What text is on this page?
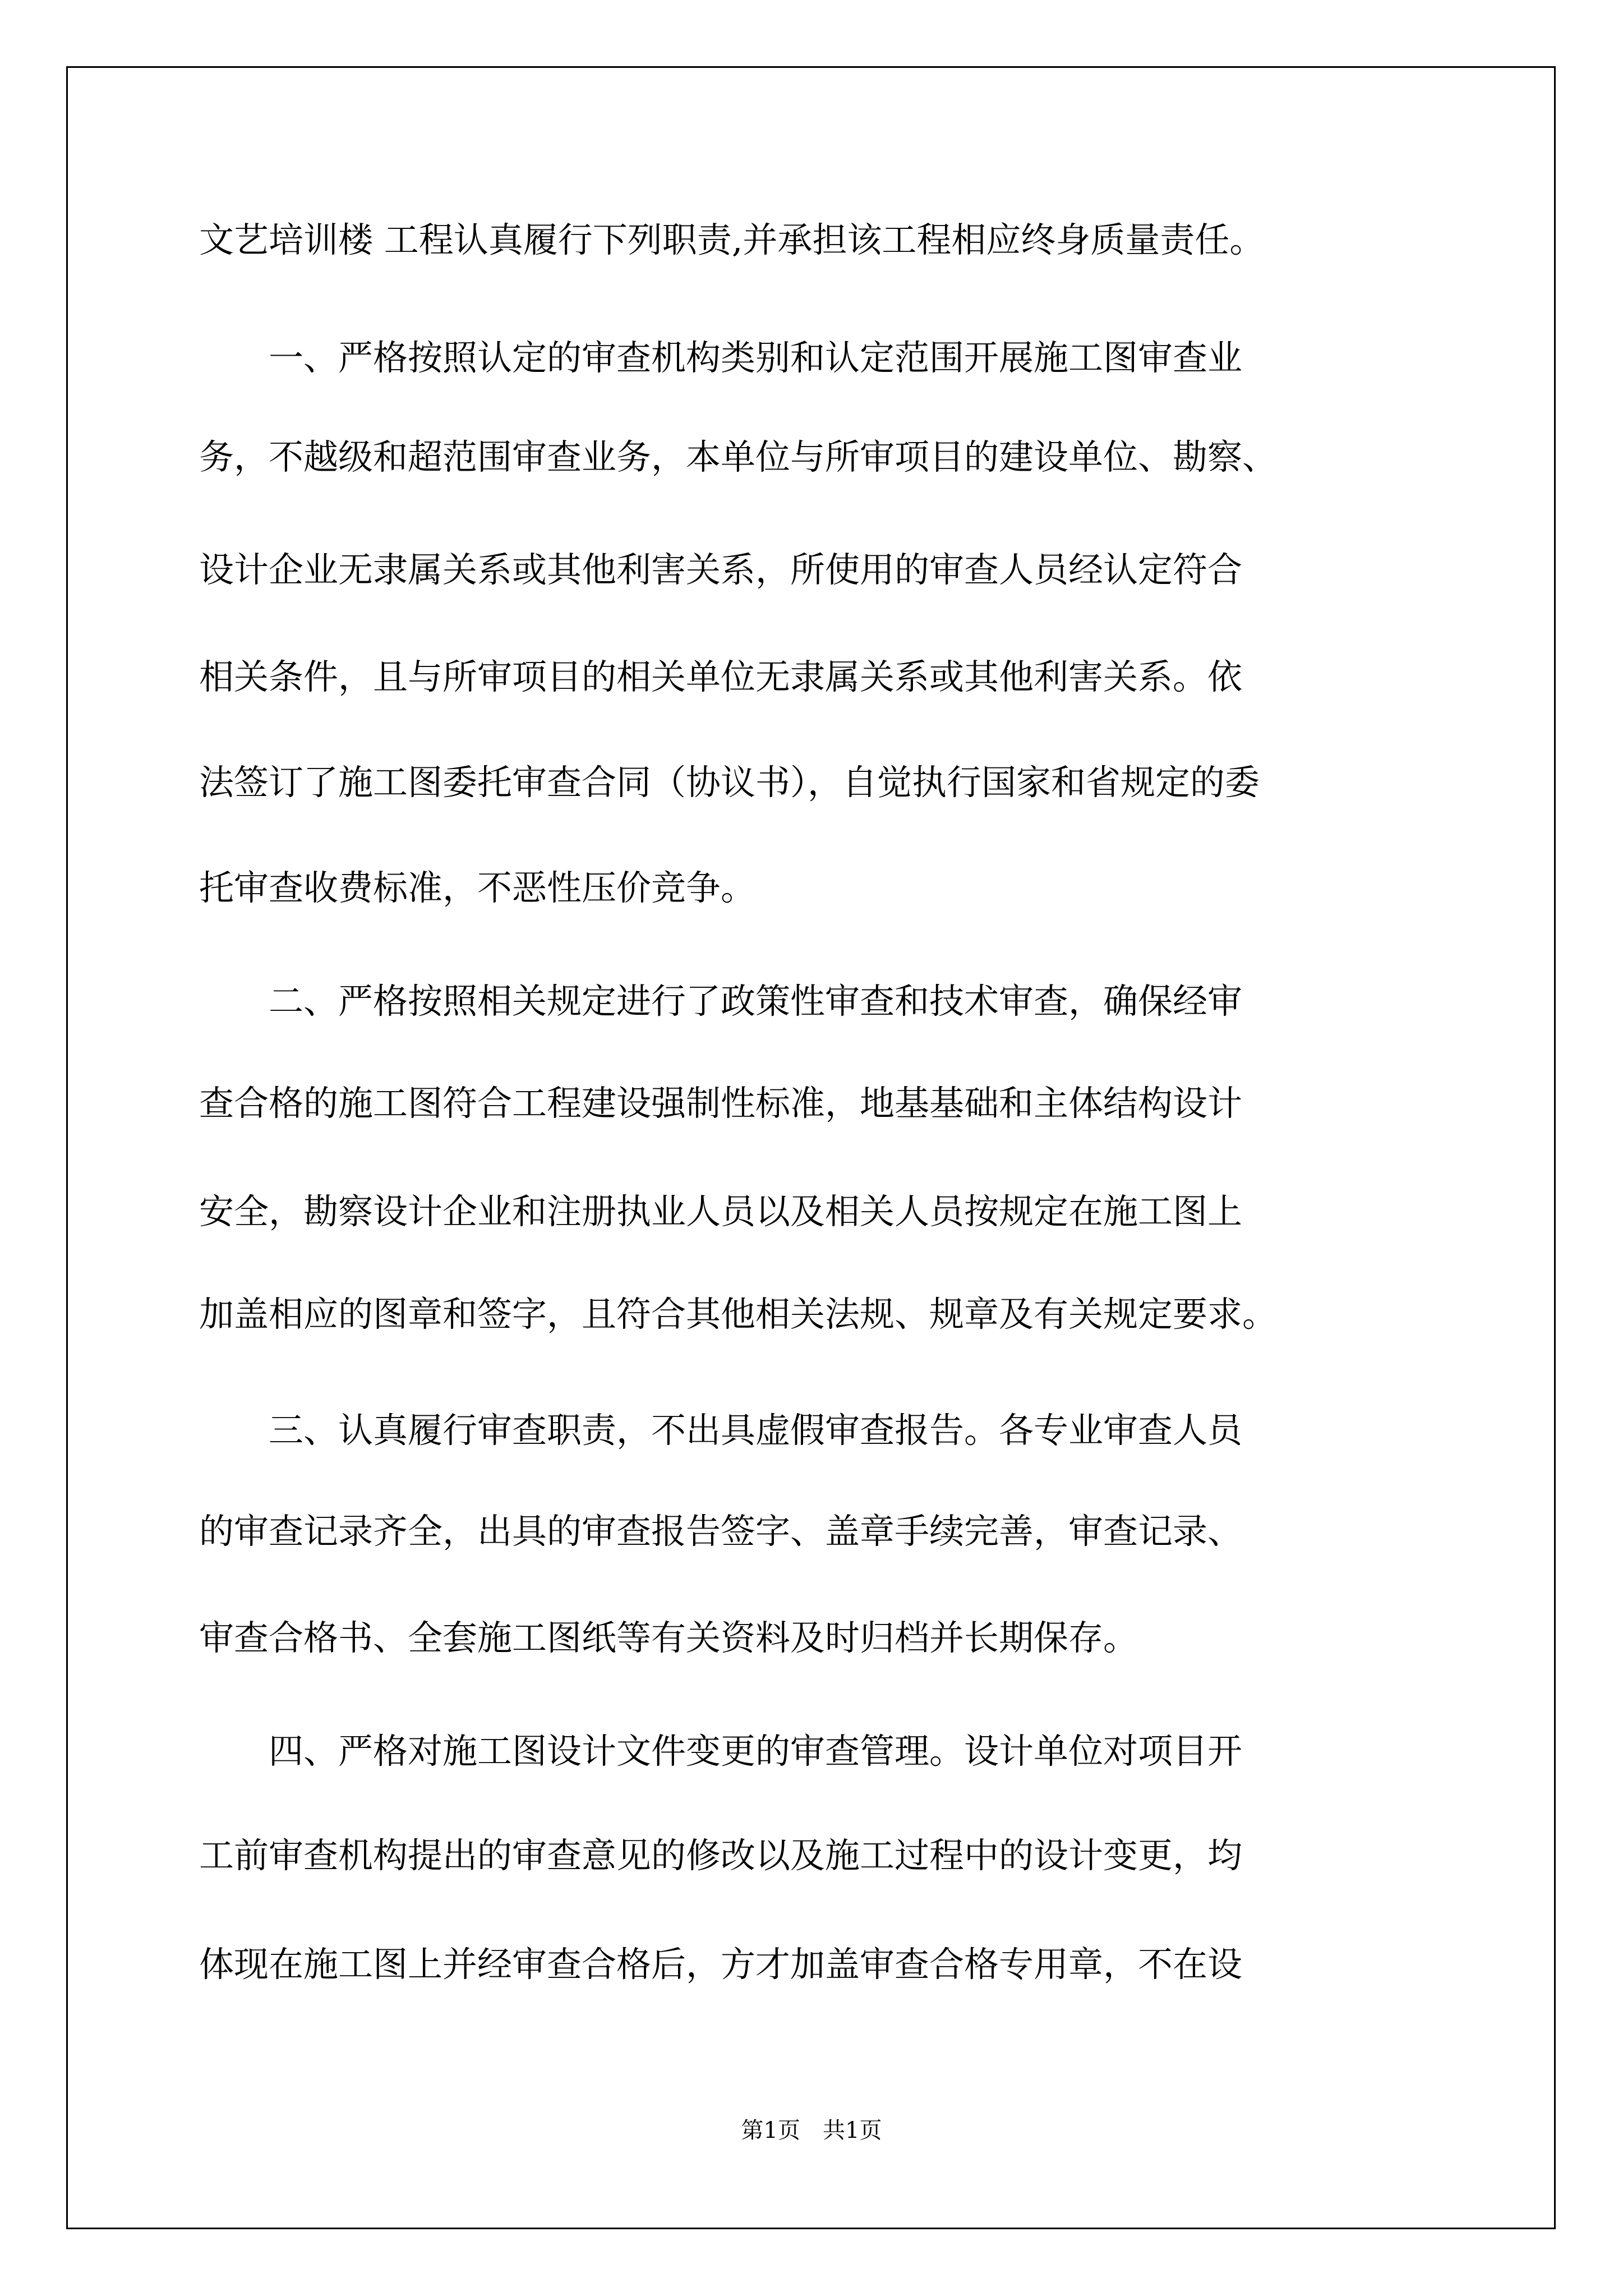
文艺培训楼 工程认真履行下列职责,并承担该工程相应终身质量责任。
　　一、严格按照认定的审查机构类别和认定范围开展施工图审查业
务，不越级和超范围审查业务，本单位与所审项目的建设单位、勘察、
设计企业无隶属关系或其他利害关系，所使用的审查人员经认定符合
相关条件，且与所审项目的相关单位无隶属关系或其他利害关系。依
法签订了施工图委托审查合同（协议书），自觉执行国家和省规定的委
托审查收费标准，不恶性压价竞争。
　　二、严格按照相关规定进行了政策性审查和技术审查，确保经审
查合格的施工图符合工程建设强制性标准，地基基础和主体结构设计
安全，勘察设计企业和注册执业人员以及相关人员按规定在施工图上
加盖相应的图章和签字，且符合其他相关法规、规章及有关规定要求。
　　三、认真履行审查职责，不出具虚假审查报告。各专业审查人员
的审查记录齐全，出具的审查报告签字、盖章手续完善，审查记录、
审查合格书、全套施工图纸等有关资料及时归档并长期保存。
　　四、严格对施工图设计文件变更的审查管理。设计单位对项目开
工前审查机构提出的审查意见的修改以及施工过程中的设计变更，均
体现在施工图上并经审查合格后，方才加盖审查合格专用章，不在设
第1页　共1页
